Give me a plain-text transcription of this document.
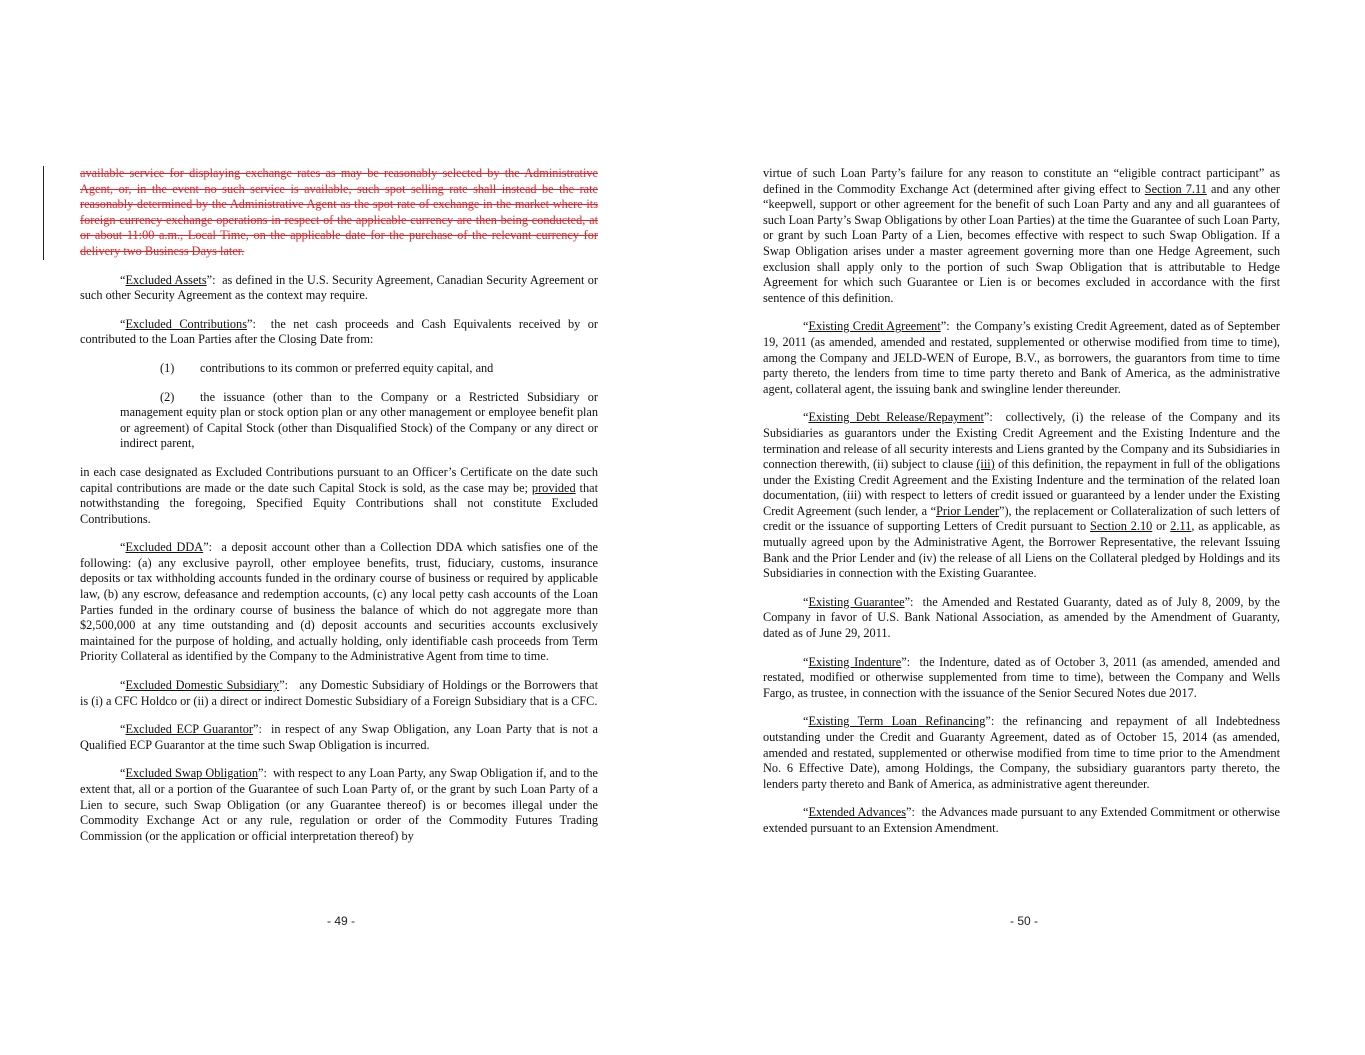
available service for displaying exchange rates as may be reasonably selected by the Administrative Agent, or, in the event no such service is available, such spot selling rate shall instead be the rate reasonably determined by the Administrative Agent as the spot rate of exchange in the market where its foreign currency exchange operations in respect of the applicable currency are then being conducted, at or about 11:00 a.m., Local Time, on the applicable date for the purchase of the relevant currency for delivery two Business Days later.

“Excluded Assets”:  as defined in the U.S. Security Agreement, Canadian Security Agreement or such other Security Agreement as the context may require.

“Excluded Contributions”:  the net cash proceeds and Cash Equivalents received by or contributed to the Loan Parties after the Closing Date from:

(1) contributions to its common or preferred equity capital, and

(2) the issuance (other than to the Company or a Restricted Subsidiary or management equity plan or stock option plan or any other management or employee benefit plan or agreement) of Capital Stock (other than Disqualified Stock) of the Company or any direct or indirect parent,

in each case designated as Excluded Contributions pursuant to an Officer’s Certificate on the date such capital contributions are made or the date such Capital Stock is sold, as the case may be; provided that notwithstanding the foregoing, Specified Equity Contributions shall not constitute Excluded Contributions.

“Excluded DDA”:  a deposit account other than a Collection DDA which satisfies one of the following: (a) any exclusive payroll, other employee benefits, trust, fiduciary, customs, insurance deposits or tax withholding accounts funded in the ordinary course of business or required by applicable law, (b) any escrow, defeasance and redemption accounts, (c) any local petty cash accounts of the Loan Parties funded in the ordinary course of business the balance of which do not aggregate more than $2,500,000 at any time outstanding and (d) deposit accounts and securities accounts exclusively maintained for the purpose of holding, and actually holding, only identifiable cash proceeds from Term Priority Collateral as identified by the Company to the Administrative Agent from time to time.

“Excluded Domestic Subsidiary”:   any Domestic Subsidiary of Holdings or the Borrowers that is (i) a CFC Holdco or (ii) a direct or indirect Domestic Subsidiary of a Foreign Subsidiary that is a CFC.

“Excluded ECP Guarantor”:  in respect of any Swap Obligation, any Loan Party that is not a Qualified ECP Guarantor at the time such Swap Obligation is incurred.

“Excluded Swap Obligation”:  with respect to any Loan Party, any Swap Obligation if, and to the extent that, all or a portion of the Guarantee of such Loan Party of, or the grant by such Loan Party of a Lien to secure, such Swap Obligation (or any Guarantee thereof) is or becomes illegal under the Commodity Exchange Act or any rule, regulation or order of the Commodity Futures Trading Commission (or the application or official interpretation thereof) by

- 49 -

virtue of such Loan Party’s failure for any reason to constitute an “eligible contract participant” as defined in the Commodity Exchange Act (determined after giving effect to Section 7.11 and any other “keepwell, support or other agreement for the benefit of such Loan Party and any and all guarantees of such Loan Party’s Swap Obligations by other Loan Parties) at the time the Guarantee of such Loan Party, or grant by such Loan Party of a Lien, becomes effective with respect to such Swap Obligation. If a Swap Obligation arises under a master agreement governing more than one Hedge Agreement, such exclusion shall apply only to the portion of such Swap Obligation that is attributable to Hedge Agreement for which such Guarantee or Lien is or becomes excluded in accordance with the first sentence of this definition.

“Existing Credit Agreement”:  the Company’s existing Credit Agreement, dated as of September 19, 2011 (as amended, amended and restated, supplemented or otherwise modified from time to time), among the Company and JELD-WEN of Europe, B.V., as borrowers, the guarantors from time to time party thereto, the lenders from time to time party thereto and Bank of America, as the administrative agent, collateral agent, the issuing bank and swingline lender thereunder.

“Existing Debt Release/Repayment”:  collectively, (i) the release of the Company and its Subsidiaries as guarantors under the Existing Credit Agreement and the Existing Indenture and the termination and release of all security interests and Liens granted by the Company and its Subsidiaries in connection therewith, (ii) subject to clause (iii) of this definition, the repayment in full of the obligations under the Existing Credit Agreement and the Existing Indenture and the termination of the related loan documentation, (iii) with respect to letters of credit issued or guaranteed by a lender under the Existing Credit Agreement (such lender, a “Prior Lender”), the replacement or Collateralization of such letters of credit or the issuance of supporting Letters of Credit pursuant to Section 2.10 or 2.11, as applicable, as mutually agreed upon by the Administrative Agent, the Borrower Representative, the relevant Issuing Bank and the Prior Lender and (iv) the release of all Liens on the Collateral pledged by Holdings and its Subsidiaries in connection with the Existing Guarantee.

“Existing Guarantee”:  the Amended and Restated Guaranty, dated as of July 8, 2009, by the Company in favor of U.S. Bank National Association, as amended by the Amendment of Guaranty, dated as of June 29, 2011.

“Existing Indenture”:  the Indenture, dated as of October 3, 2011 (as amended, amended and restated, modified or otherwise supplemented from time to time), between the Company and Wells Fargo, as trustee, in connection with the issuance of the Senior Secured Notes due 2017.

“Existing Term Loan Refinancing”: the refinancing and repayment of all Indebtedness outstanding under the Credit and Guaranty Agreement, dated as of October 15, 2014 (as amended, amended and restated, supplemented or otherwise modified from time to time prior to the Amendment No. 6 Effective Date), among Holdings, the Company, the subsidiary guarantors party thereto, the lenders party thereto and Bank of America, as administrative agent thereunder.

“Extended Advances”:  the Advances made pursuant to any Extended Commitment or otherwise extended pursuant to an Extension Amendment.

- 50 -
